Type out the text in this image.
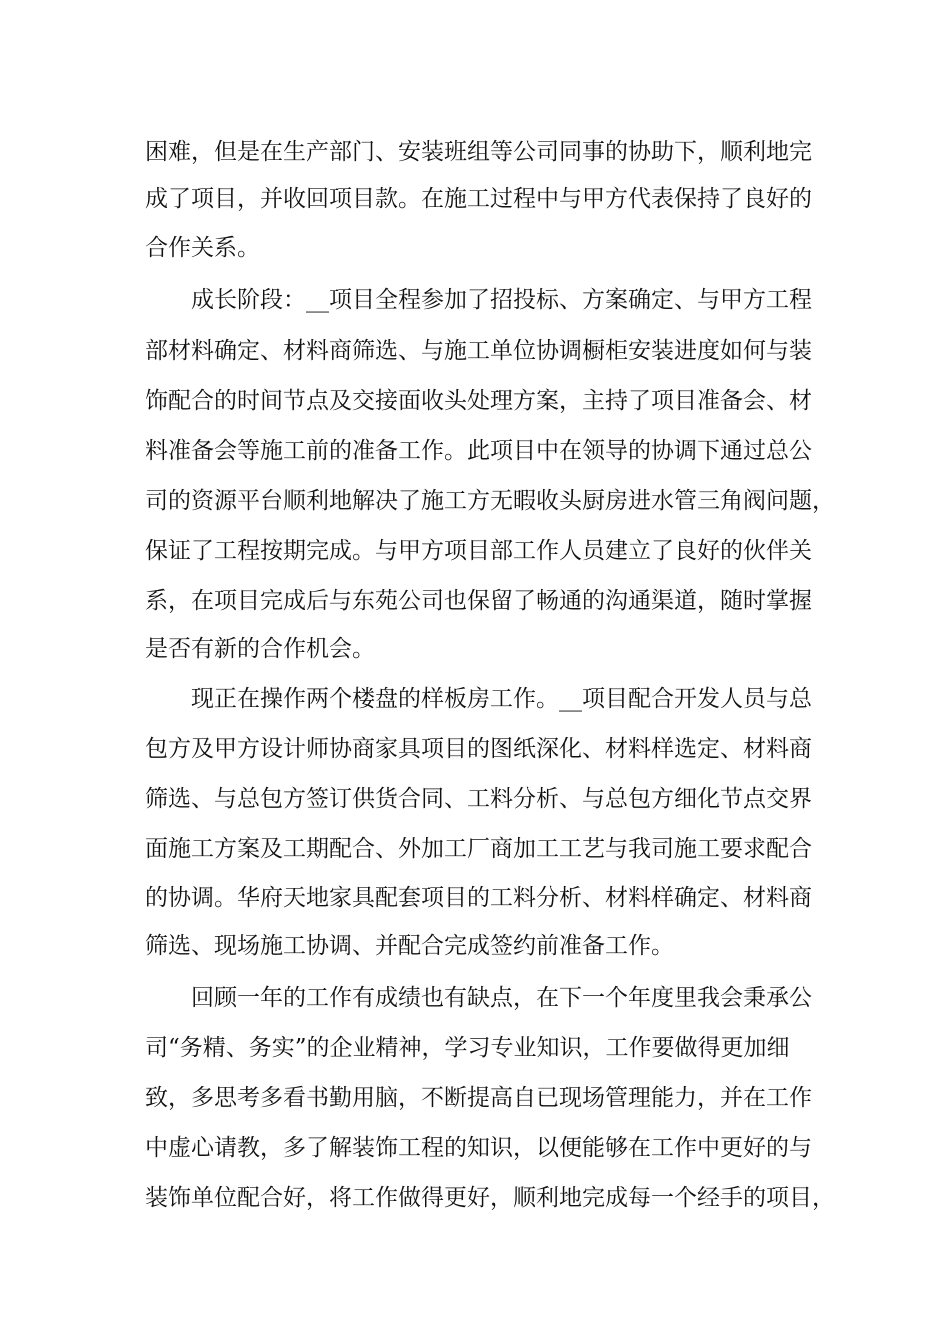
困难，但是在生产部门、安装班组等公司同事的协助下，顺利地完
成了项目，并收回项目款。在施工过程中与甲方代表保持了良好的
合作关系。
成长阶段：__项目全程参加了招投标、方案确定、与甲方工程
部材料确定、材料商筛选、与施工单位协调橱柜安装进度如何与装
饰配合的时间节点及交接面收头处理方案，主持了项目准备会、材
料准备会等施工前的准备工作。此项目中在领导的协调下通过总公
司的资源平台顺利地解决了施工方无暇收头厨房进水管三角阀问题，
保证了工程按期完成。与甲方项目部工作人员建立了良好的伙伴关
系，在项目完成后与东苑公司也保留了畅通的沟通渠道，随时掌握
是否有新的合作机会。
现正在操作两个楼盘的样板房工作。__项目配合开发人员与总
包方及甲方设计师协商家具项目的图纸深化、材料样选定、材料商
筛选、与总包方签订供货合同、工料分析、与总包方细化节点交界
面施工方案及工期配合、外加工厂商加工工艺与我司施工要求配合
的协调。华府天地家具配套项目的工料分析、材料样确定、材料商
筛选、现场施工协调、并配合完成签约前准备工作。
回顾一年的工作有成绩也有缺点，在下一个年度里我会秉承公
司“务精、务实”的企业精神，学习专业知识，工作要做得更加细
致，多思考多看书勤用脑，不断提高自已现场管理能力，并在工作
中虚心请教，多了解装饰工程的知识，以便能够在工作中更好的与
装饰单位配合好，将工作做得更好，顺利地完成每一个经手的项目，
